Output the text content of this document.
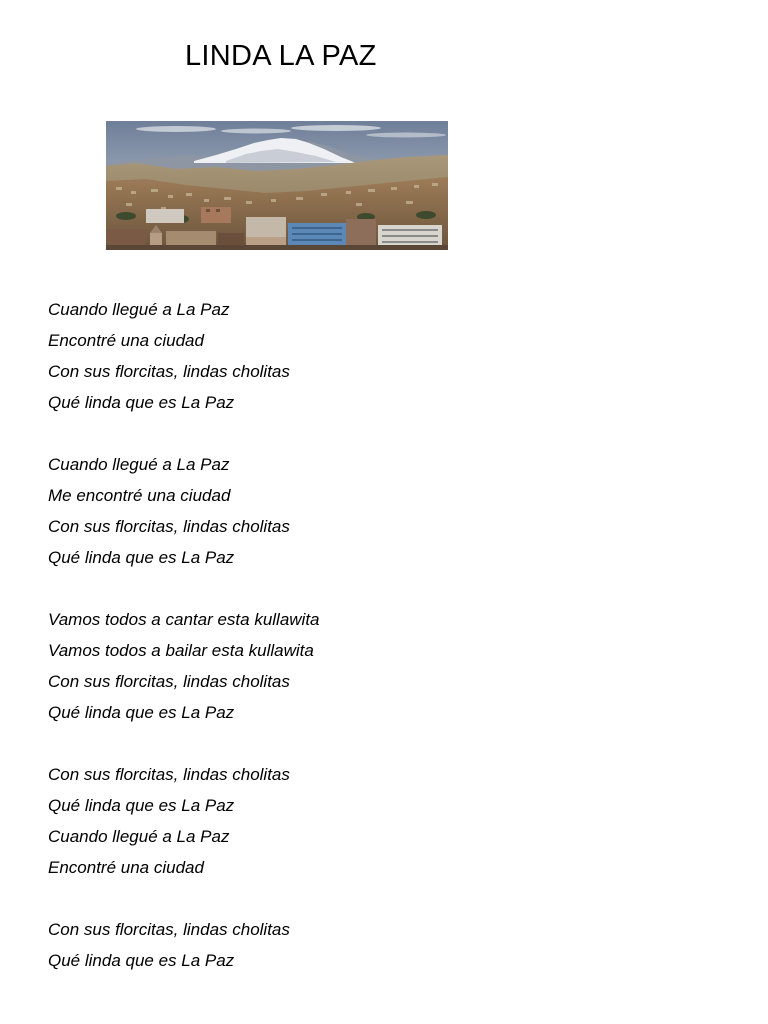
LINDA LA PAZ
Cuando llegué a La Paz
Encontré una ciudad
Con sus florcitas, lindas cholitas
Qué linda que es La Paz
Cuando llegué a La Paz
Me encontré una ciudad
Con sus florcitas, lindas cholitas
Qué linda que es La Paz
Vamos todos a cantar esta kullawita
Vamos todos a bailar esta kullawita
Con sus florcitas, lindas cholitas
Qué linda que es La Paz
Con sus florcitas, lindas cholitas
Qué linda que es La Paz
Cuando llegué a La Paz
Encontré una ciudad
Con sus florcitas, lindas cholitas
Qué linda que es La Paz
